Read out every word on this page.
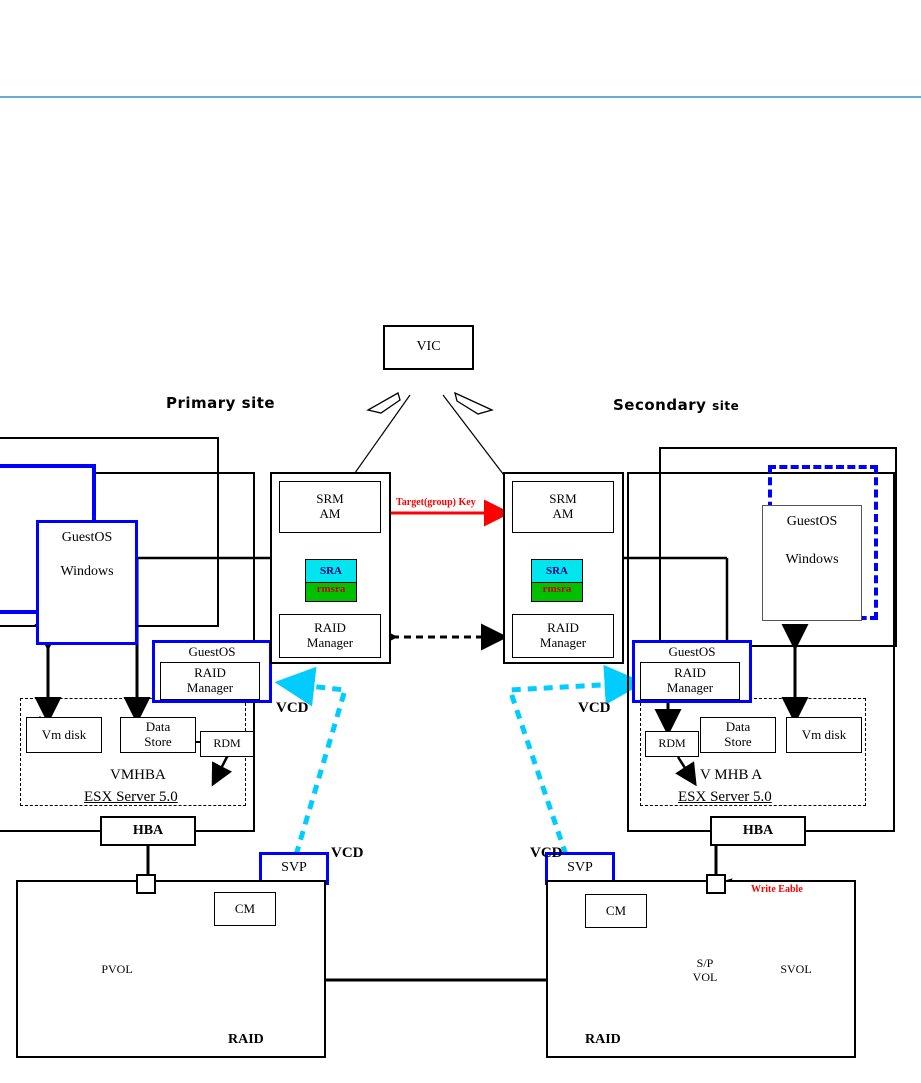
Primary site	Secondary site
VIC
GuestOS
Windows
GuestOS
RAID
Manager
Vm disk	Data
Store	RDM
VMHBA
ESX Server 5.0
HBA
SRM
AM
rmsra
SRA
RAID
Manager
SRM
AM
rmsra
SRA
RAID
Manager
Target(group) Key
GuestOS
Windows
GuestOS
RAID
Manager
RDM
Data
Store	Vm disk
V MHB A
ESX Server 5.0
HBA
SVP	SVP
VCD	VCD
VCD	VCD
RAID	RAID
CM	CM
PVOL	S/P
VOL
SVOL
Write Eable
